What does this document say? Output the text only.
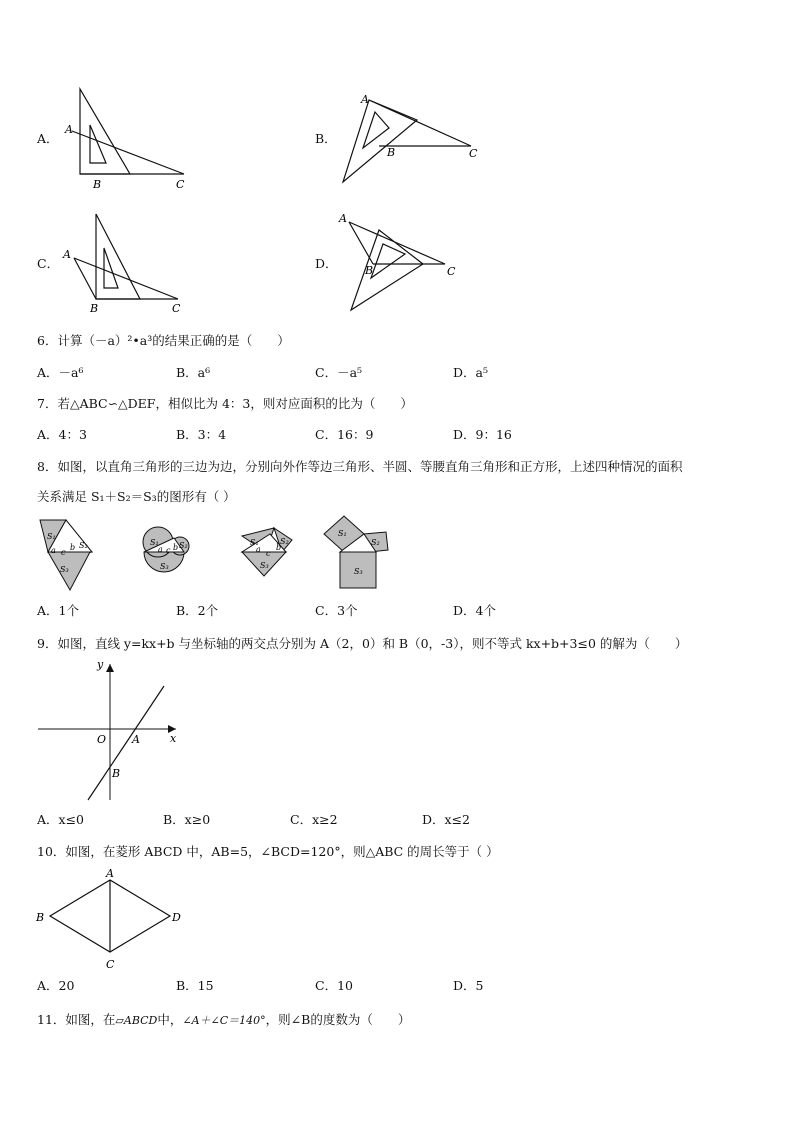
A．
A
B	C
B．
A
B	C
C．
A
B	C
D．
A
B	C
6．计算（－a）²•a³的结果正确的是（　　）
A．－a⁶	B．a⁶	C．－a⁵	D．a⁵
7．若△ABC∽△DEF，相似比为 4：3，则对应面积的比为（　　）
A．4：3	B．3：4	C．16：9	D．9：16
8．如图，以直角三角形的三边为边，分别向外作等边三角形、半圆、等腰直角三角形和正方形，上述四种情况的面积
关系满足 S₁＋S₂＝S₃的图形有（ ）
S₁
S₂
S₃
a b
c
S₁	S₂
S₃
a b
c
S₁	S₂
S₃
a b
c
S₁
S₂
S₃
A．1个	B．2个	C．3个	D．4个
9．如图，直线 y=kx+b 与坐标轴的两交点分别为 A（2，0）和 B（0，-3），则不等式 kx+b+3≤0 的解为（　　）
x
y
O A
B
A．x≤0	B．x≥0	C．x≥2	D．x≤2
10．如图，在菱形 ABCD 中，AB=5，∠BCD=120°，则△ABC 的周长等于（ ）
A
B
C
D
A．20	B．15	C．10	D．5
11．如图，在▱ABCD中，∠A＋∠C＝140°，则∠B的度数为（　　）
